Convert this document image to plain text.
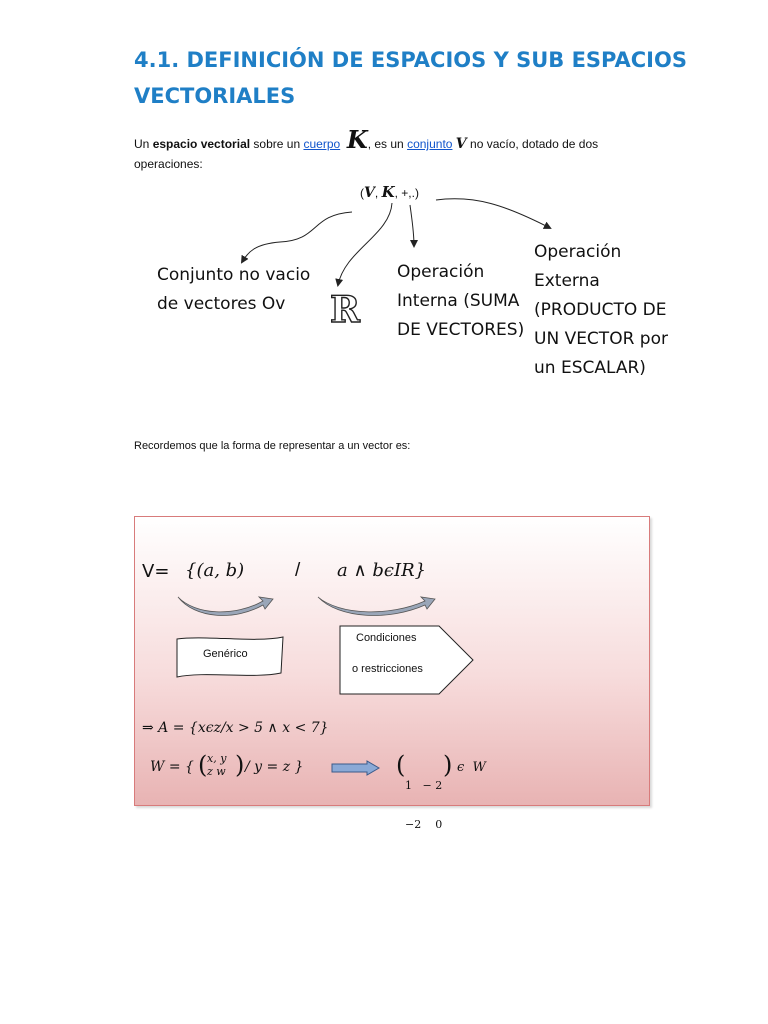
4.1. DEFINICIÓN DE ESPACIOS Y SUB ESPACIOS VECTORIALES
Un espacio vectorial sobre un cuerpo K, es un conjunto V no vacío, dotado de dos
operaciones:
(V, K, +,.)
Conjunto no vacio
de vectores Ov	R
Operación
Interna (SUMA
DE VECTORES)
Operación
Externa
(PRODUCTO DE
UN VECTOR por
un ESCALAR)
Recordemos que la forma de representar a un vector es:
V= {(a, b)	/ a ∧ bϵIR}
Genérico
Condiciones
o restricciones
⇒ A = {xϵz/x > 5 ∧ x < 7}
W = { ( x, y
z w ) / y = z }	(

1   − 2

−2    0

) ϵ  W
